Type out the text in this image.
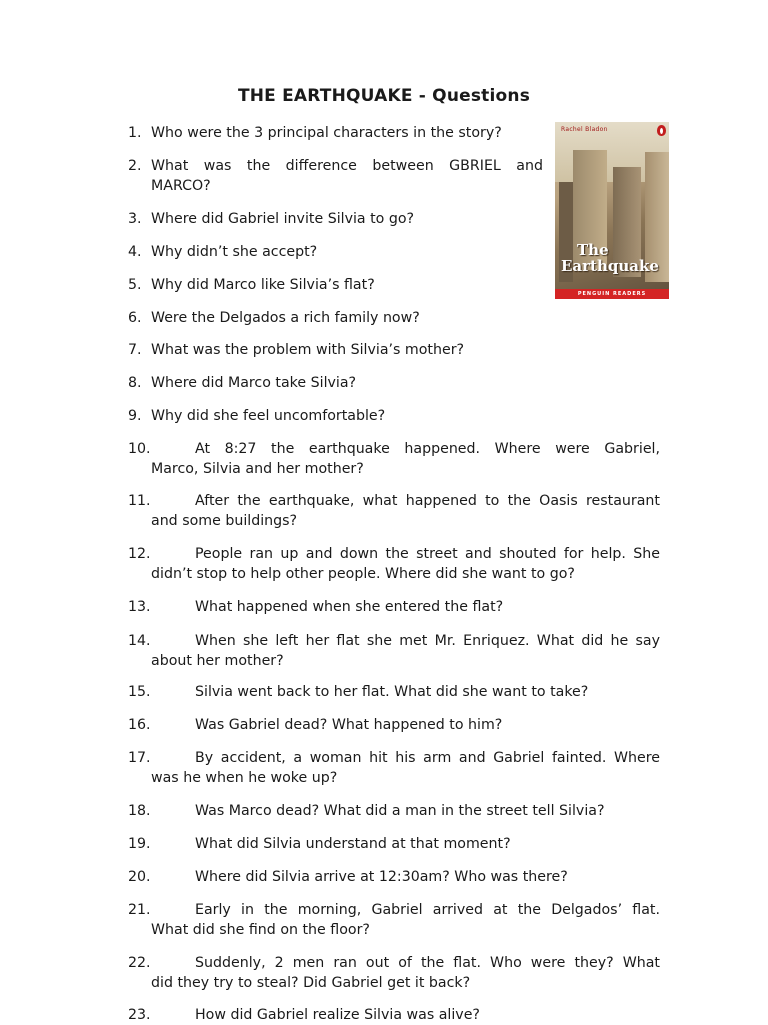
THE EARTHQUAKE - Questions
Rachel Bladon
The
Earthquake
PENGUIN READERS
1. Who were the 3 principal characters in the story?
2. What was the difference between GBRIEL and
MARCO?
3. Where did Gabriel invite Silvia to go?
4. Why didn’t she accept?
5. Why did Marco like Silvia’s flat?
6. Were the Delgados a rich family now?
7. What was the problem with Silvia’s mother?
8. Where did Marco take Silvia?
9. Why did she feel uncomfortable?
10.	At 8:27 the earthquake happened. Where were Gabriel,
Marco, Silvia and her mother?
11.	After the earthquake, what happened to the Oasis restaurant
and some buildings?
12.	People ran up and down the street and shouted for help. She
didn’t stop to help other people. Where did she want to go?
13.	What happened when she entered the flat?
14.	When she left her flat she met Mr. Enriquez. What did he say
about her mother?
15.	Silvia went back to her flat. What did she want to take?
16.	Was Gabriel dead? What happened to him?
17.	By accident, a woman hit his arm and Gabriel fainted. Where
was he when he woke up?
18.	Was Marco dead? What did a man in the street tell Silvia?
19.	What did Silvia understand at that moment?
20.	Where did Silvia arrive at 12:30am? Who was there?
21.	Early in the morning, Gabriel arrived at the Delgados’ flat.
What did she find on the floor?
22.	Suddenly, 2 men ran out of the flat. Who were they? What
did they try to steal? Did Gabriel get it back?
23.	How did Gabriel realize Silvia was alive?
